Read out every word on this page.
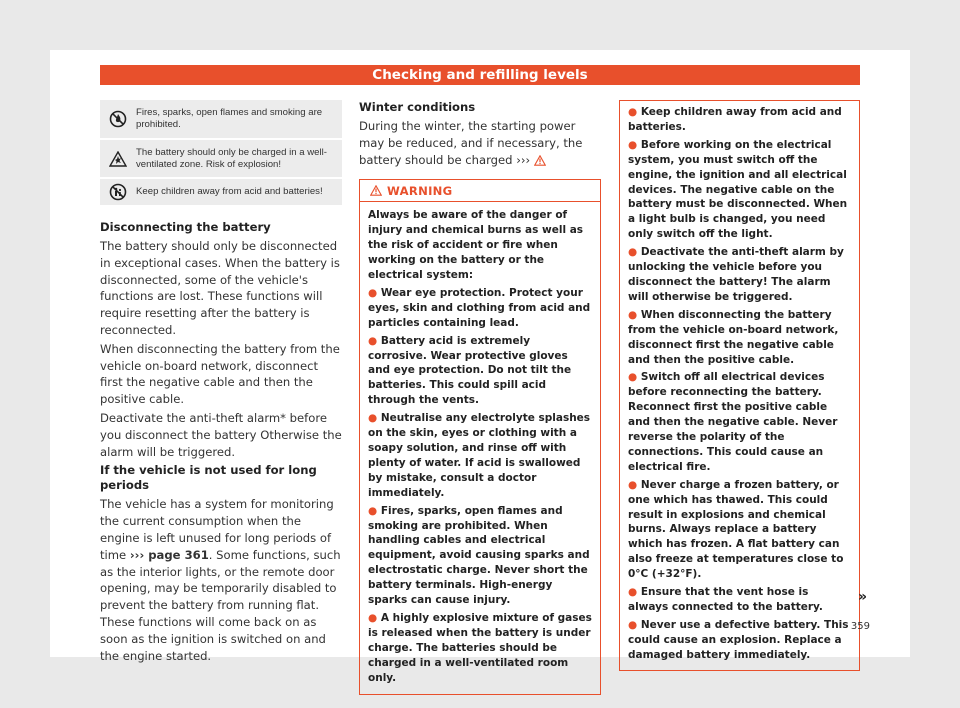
Checking and refilling levels
Fires, sparks, open flames and smoking are prohibited.
The battery should only be charged in a well-ventilated zone. Risk of explosion!
Keep children away from acid and batteries!
Disconnecting the battery

The battery should only be disconnected in exceptional cases. When the battery is disconnected, some of the vehicle's functions are lost. These functions will require resetting after the battery is reconnected.

When disconnecting the battery from the vehicle on-board network, disconnect first the negative cable and then the positive cable.

Deactivate the anti-theft alarm* before you disconnect the battery Otherwise the alarm will be triggered.

If the vehicle is not used for long periods

The vehicle has a system for monitoring the current consumption when the engine is left unused for long periods of time ››› page 361. Some functions, such as the interior lights, or the remote door opening, may be temporarily disabled to prevent the battery from running flat. These functions will come back on as soon as the ignition is switched on and the engine started.

Winter conditions

During the winter, the starting power may be reduced, and if necessary, the battery should be charged ›››

WARNING

Always be aware of the danger of injury and chemical burns as well as the risk of accident or fire when working on the battery or the electrical system:

● Wear eye protection. Protect your eyes, skin and clothing from acid and particles containing lead.

● Battery acid is extremely corrosive. Wear protective gloves and eye protection. Do not tilt the batteries. This could spill acid through the vents.

● Neutralise any electrolyte splashes on the skin, eyes or clothing with a soapy solution, and rinse off with plenty of water. If acid is swallowed by mistake, consult a doctor immediately.

● Fires, sparks, open flames and smoking are prohibited. When handling cables and electrical equipment, avoid causing sparks and electrostatic charge. Never short the battery terminals. High-energy sparks can cause injury.

● A highly explosive mixture of gases is released when the battery is under charge. The batteries should be charged in a well-ventilated room only.

● Keep children away from acid and batteries.

● Before working on the electrical system, you must switch off the engine, the ignition and all electrical devices. The negative cable on the battery must be disconnected. When a light bulb is changed, you need only switch off the light.

● Deactivate the anti-theft alarm by unlocking the vehicle before you disconnect the battery! The alarm will otherwise be triggered.

● When disconnecting the battery from the vehicle on-board network, disconnect first the negative cable and then the positive cable.

● Switch off all electrical devices before reconnecting the battery. Reconnect first the positive cable and then the negative cable. Never reverse the polarity of the connections. This could cause an electrical fire.

● Never charge a frozen battery, or one which has thawed. This could result in explosions and chemical burns. Always replace a battery which has frozen. A flat battery can also freeze at temperatures close to 0°C (+32°F).

● Ensure that the vent hose is always connected to the battery.

● Never use a defective battery. This could cause an explosion. Replace a damaged battery immediately.

»
359
